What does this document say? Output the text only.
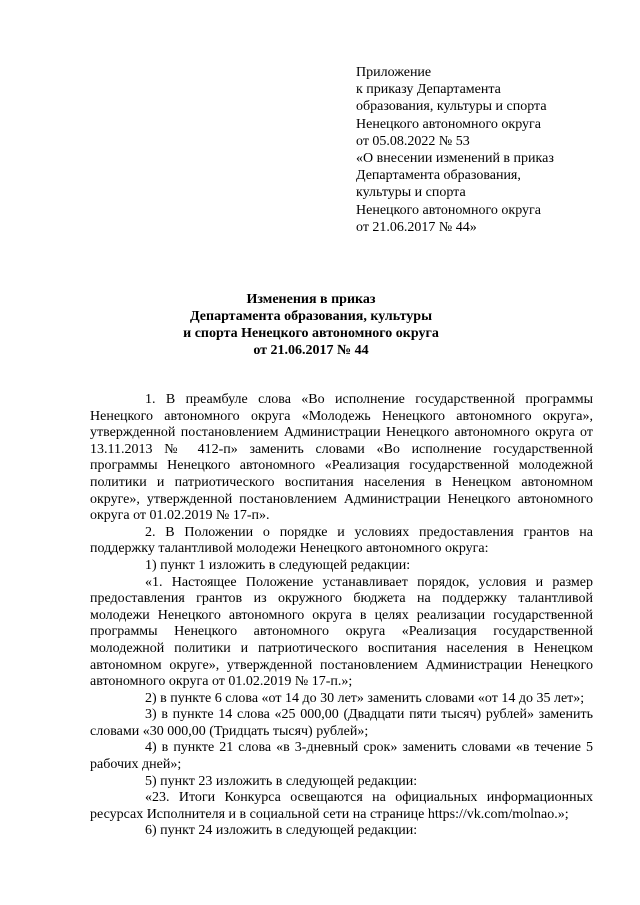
Приложение
к приказу Департамента
образования, культуры и спорта
Ненецкого автономного округа
от 05.08.2022 № 53
«О внесении изменений в приказ
Департамента образования,
культуры и спорта
Ненецкого автономного округа
от 21.06.2017 № 44»
Изменения в приказ
Департамента образования, культуры
и спорта Ненецкого автономного округа
от 21.06.2017 № 44

1. В преамбуле слова «Во исполнение государственной программы Ненецкого автономного округа «Молодежь Ненецкого автономного округа», утвержденной постановлением Администрации Ненецкого автономного округа от 13.11.2013 № 412-п» заменить словами «Во исполнение государственной программы Ненецкого автономного «Реализация государственной молодежной политики и патриотического воспитания населения в Ненецком автономном округе», утвержденной постановлением Администрации Ненецкого автономного округа от 01.02.2019 № 17-п».

2. В Положении о порядке и условиях предоставления грантов на поддержку талантливой молодежи Ненецкого автономного округа:

1) пункт 1 изложить в следующей редакции:

«1. Настоящее Положение устанавливает порядок, условия и размер предоставления грантов из окружного бюджета на поддержку талантливой молодежи Ненецкого автономного округа в целях реализации государственной программы Ненецкого автономного округа «Реализация государственной молодежной политики и патриотического воспитания населения в Ненецком автономном округе», утвержденной постановлением Администрации Ненецкого автономного округа от 01.02.2019 № 17-п.»;

2) в пункте 6 слова «от 14 до 30 лет» заменить словами «от 14 до 35 лет»;

3) в пункте 14 слова «25 000,00 (Двадцати пяти тысяч) рублей» заменить словами «30 000,00 (Тридцать тысяч) рублей»;

4) в пункте 21 слова «в 3-дневный срок» заменить словами «в течение 5 рабочих дней»;

5) пункт 23 изложить в следующей редакции:

«23. Итоги Конкурса освещаются на официальных информационных ресурсах Исполнителя и в социальной сети на странице https://vk.com/molnao.»;

6) пункт 24 изложить в следующей редакции:
